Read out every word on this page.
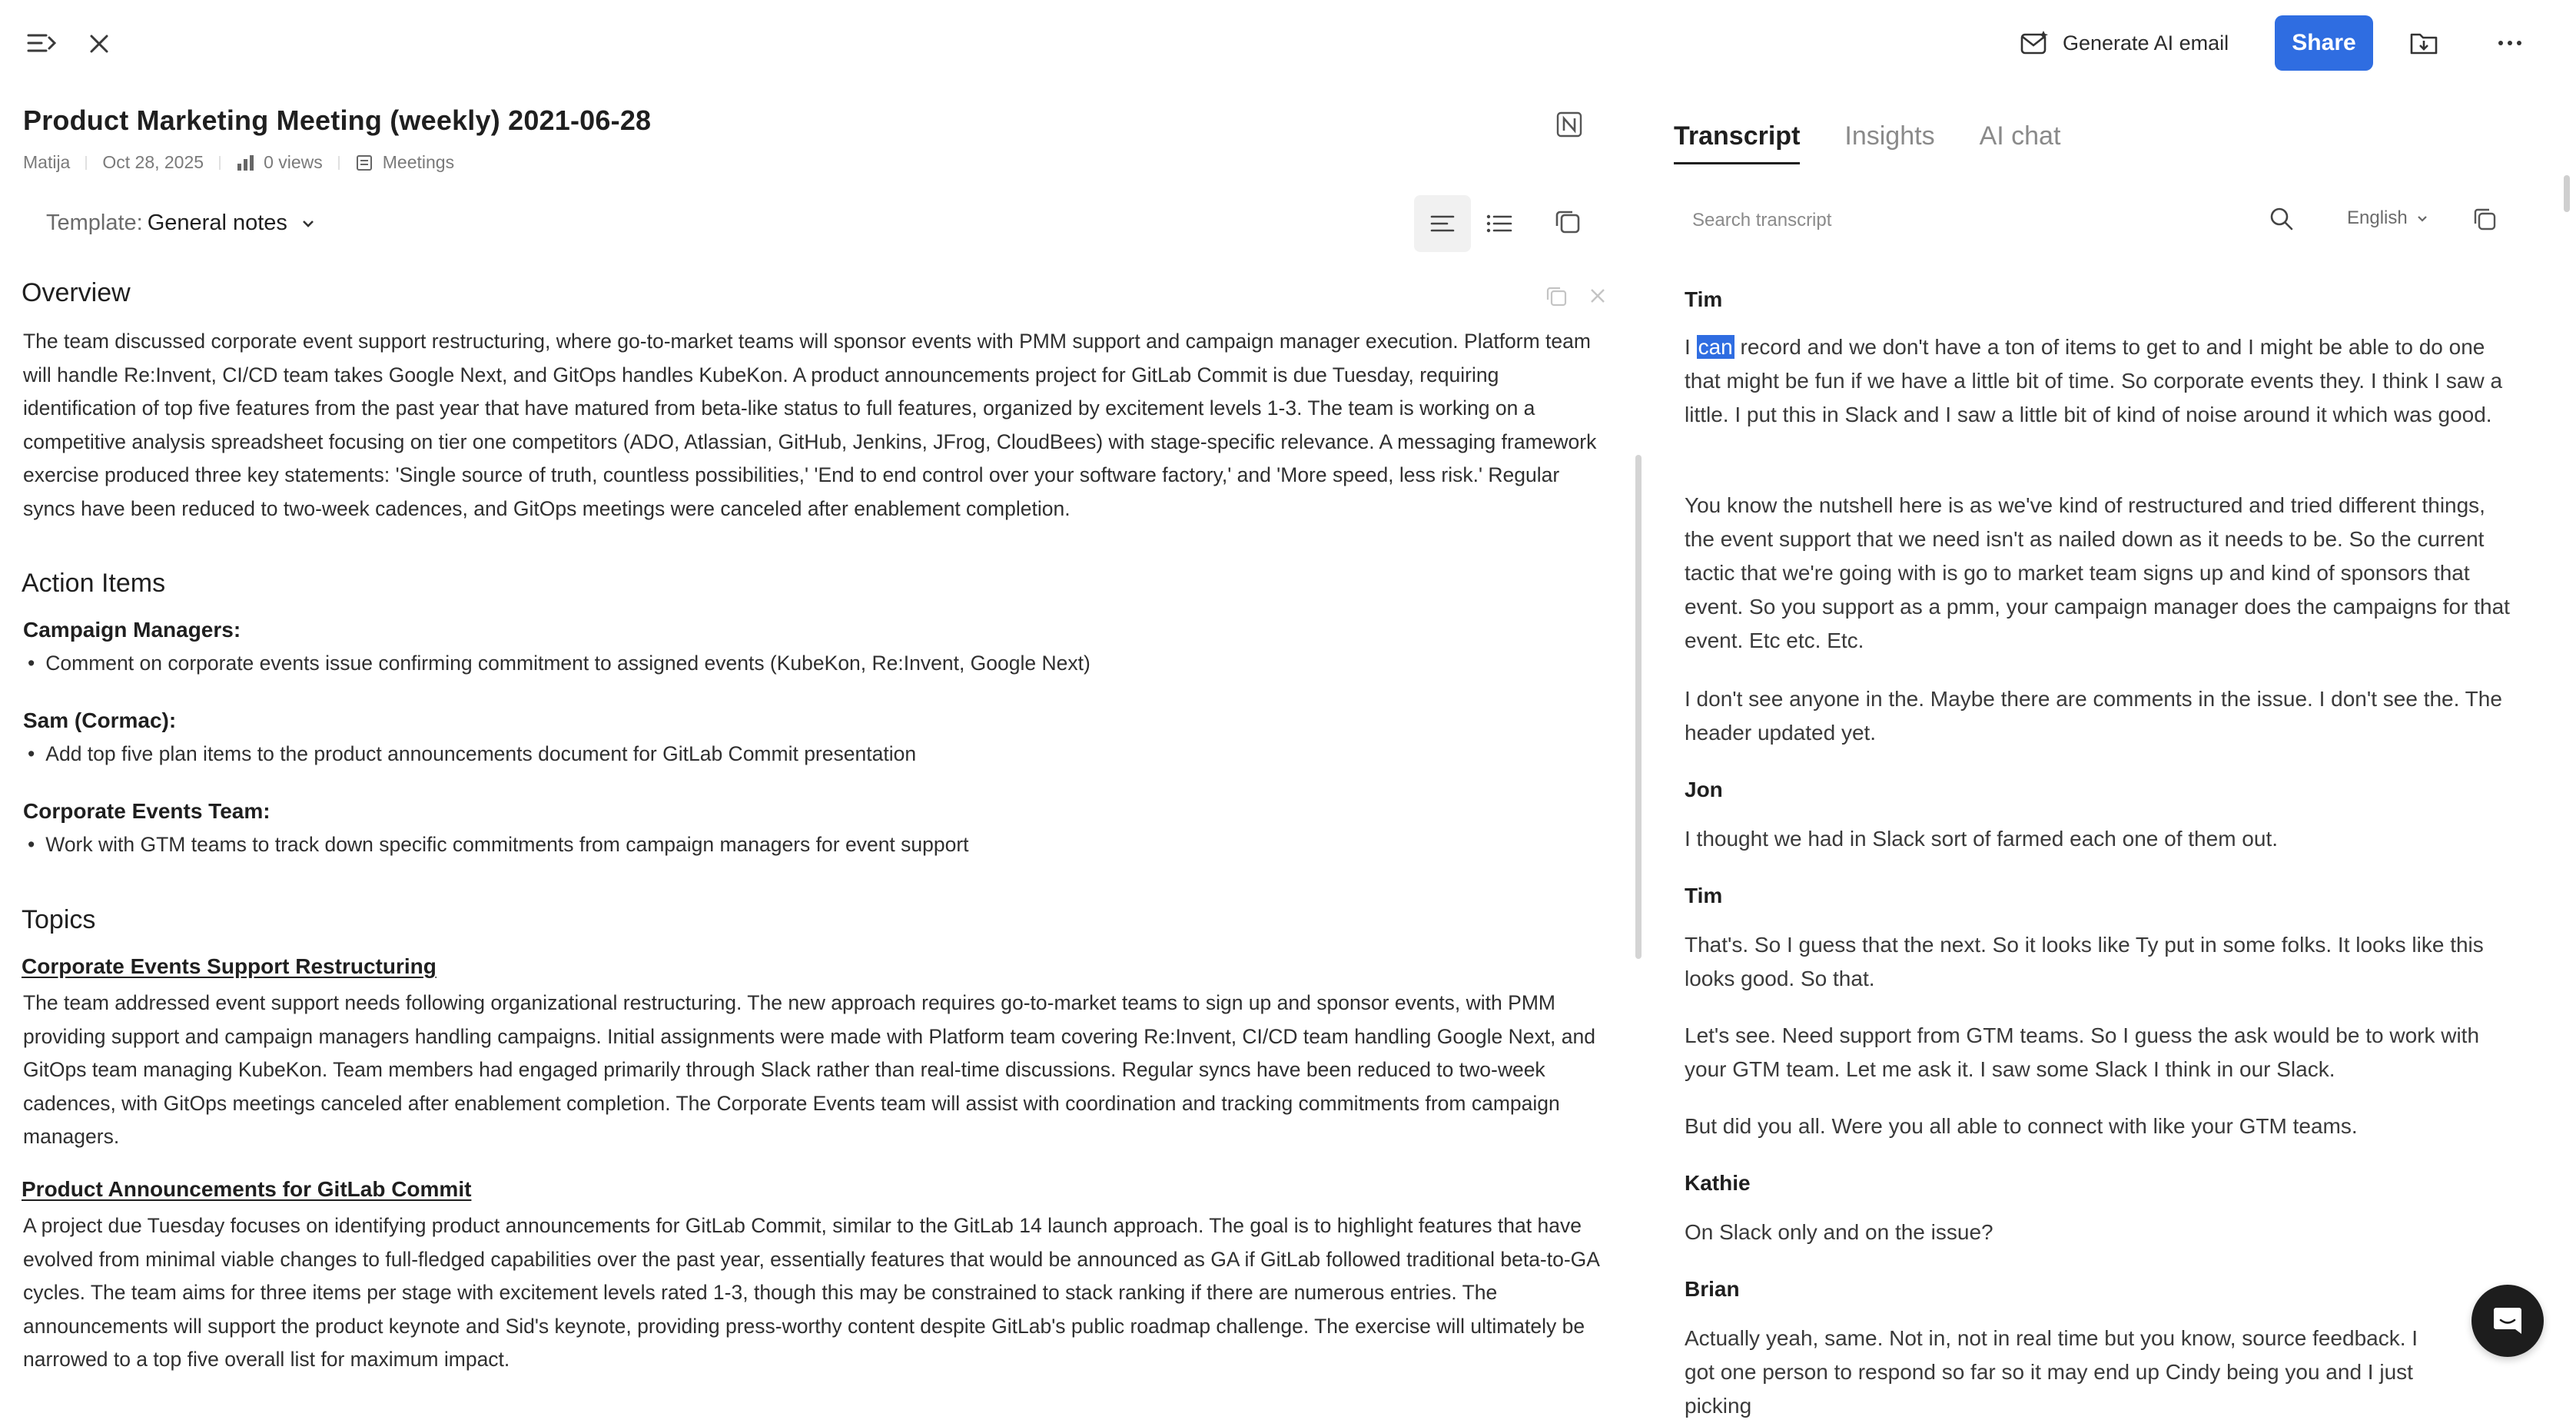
Generate AI email	Share
Product Marketing Meeting (weekly) 2021-06-28
Matija Oct 28, 2025	0 views	Meetings
Template: General notes
Overview
The team discussed corporate event support restructuring, where go-to-market teams will sponsor events with PMM support and campaign manager execution. Platform team will handle Re:Invent, CI/CD team takes Google Next, and GitOps handles KubeKon. A product announcements project for GitLab Commit is due Tuesday, requiring identification of top five features from the past year that have matured from beta-like status to full features, organized by excitement levels 1-3. The team is working on a competitive analysis spreadsheet focusing on tier one competitors (ADO, Atlassian, GitHub, Jenkins, JFrog, CloudBees) with stage-specific relevance. A messaging framework exercise produced three key statements: 'Single source of truth, countless possibilities,' 'End to end control over your software factory,' and 'More speed, less risk.' Regular syncs have been reduced to two-week cadences, and GitOps meetings were canceled after enablement completion.
Action Items
Campaign Managers:
• Comment on corporate events issue confirming commitment to assigned events (KubeKon, Re:Invent, Google Next)
Sam (Cormac):
• Add top five plan items to the product announcements document for GitLab Commit presentation
Corporate Events Team:
• Work with GTM teams to track down specific commitments from campaign managers for event support
Topics
Corporate Events Support Restructuring
The team addressed event support needs following organizational restructuring. The new approach requires go-to-market teams to sign up and sponsor events, with PMM providing support and campaign managers handling campaigns. Initial assignments were made with Platform team covering Re:Invent, CI/CD team handling Google Next, and GitOps team managing KubeKon. Team members had engaged primarily through Slack rather than real-time discussions. Regular syncs have been reduced to two-week cadences, with GitOps meetings canceled after enablement completion. The Corporate Events team will assist with coordination and tracking commitments from campaign managers.
Product Announcements for GitLab Commit
A project due Tuesday focuses on identifying product announcements for GitLab Commit, similar to the GitLab 14 launch approach. The goal is to highlight features that have evolved from minimal viable changes to full-fledged capabilities over the past year, essentially features that would be announced as GA if GitLab followed traditional beta-to-GA cycles. The team aims for three items per stage with excitement levels rated 1-3, though this may be constrained to stack ranking if there are numerous entries. The announcements will support the product keynote and Sid's keynote, providing press-worthy content despite GitLab's public roadmap challenge. The exercise will ultimately be narrowed to a top five overall list for maximum impact.
Transcript Insights AI chat
Search transcript
English
Tim
I can record and we don't have a ton of items to get to and I might be able to do one that might be fun if we have a little bit of time. So corporate events they. I think I saw a little. I put this in Slack and I saw a little bit of kind of noise around it which was good.
You know the nutshell here is as we've kind of restructured and tried different things, the event support that we need isn't as nailed down as it needs to be. So the current tactic that we're going with is go to market team signs up and kind of sponsors that event. So you support as a pmm, your campaign manager does the campaigns for that event. Etc etc. Etc.
I don't see anyone in the. Maybe there are comments in the issue. I don't see the. The header updated yet.
Jon
I thought we had in Slack sort of farmed each one of them out.
Tim
That's. So I guess that the next. So it looks like Ty put in some folks. It looks like this looks good. So that.
Let's see. Need support from GTM teams. So I guess the ask would be to work with your GTM team. Let me ask it. I saw some Slack I think in our Slack.
But did you all. Were you all able to connect with like your GTM teams.
Kathie
On Slack only and on the issue?
Brian
Actually yeah, same. Not in, not in real time but you know, source feedback. I got one person to respond so far so it may end up Cindy being you and I just picking
